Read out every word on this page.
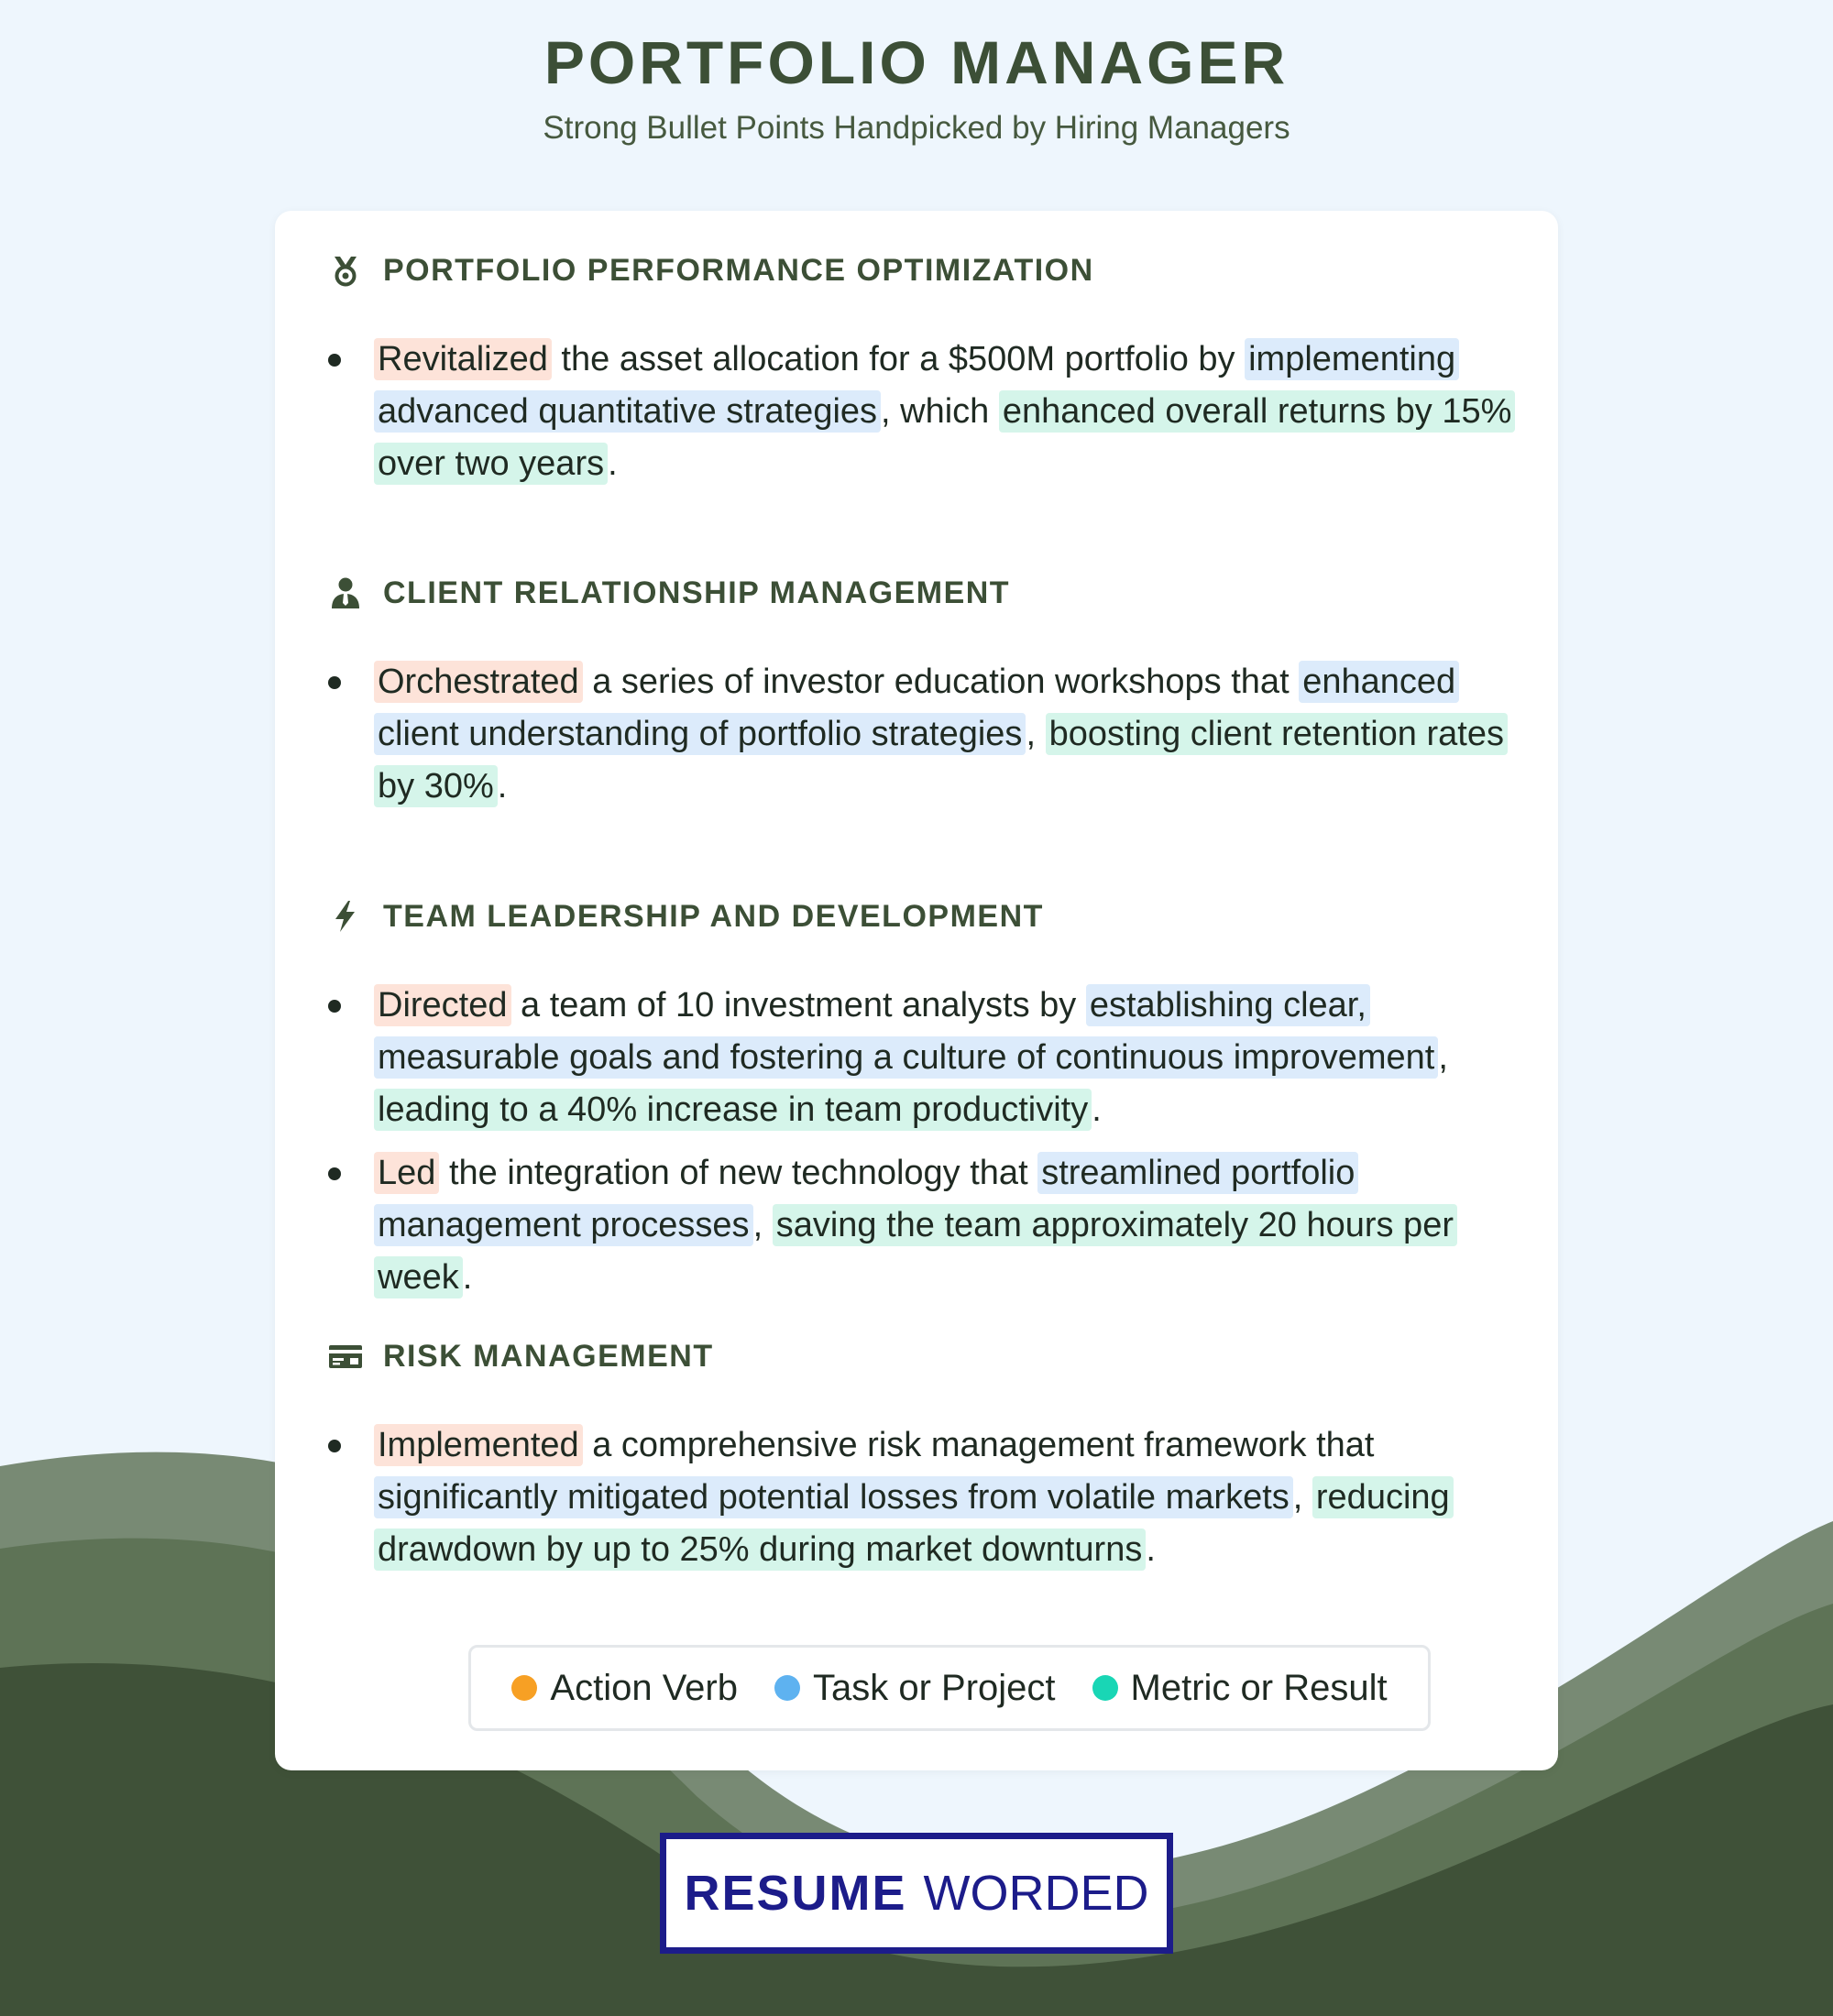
PORTFOLIO MANAGER
Strong Bullet Points Handpicked by Hiring Managers
PORTFOLIO PERFORMANCE OPTIMIZATION
Revitalized the asset allocation for a $500M portfolio by implementing advanced quantitative strategies , which enhanced overall returns by 15% over two years .
CLIENT RELATIONSHIP MANAGEMENT
Orchestrated a series of investor education workshops that enhanced client understanding of portfolio strategies , boosting client retention rates by 30% .
TEAM LEADERSHIP AND DEVELOPMENT
Directed a team of 10 investment analysts by establishing clear, measurable goals and fostering a culture of continuous improvement , leading to a 40% increase in team productivity .
Led the integration of new technology that streamlined portfolio management processes , saving the team approximately 20 hours per week .
RISK MANAGEMENT
Implemented a comprehensive risk management framework that significantly mitigated potential losses from volatile markets , reducing drawdown by up to 25% during market downturns .
Action Verb Task or Project Metric or Result
RESUME WORDED
